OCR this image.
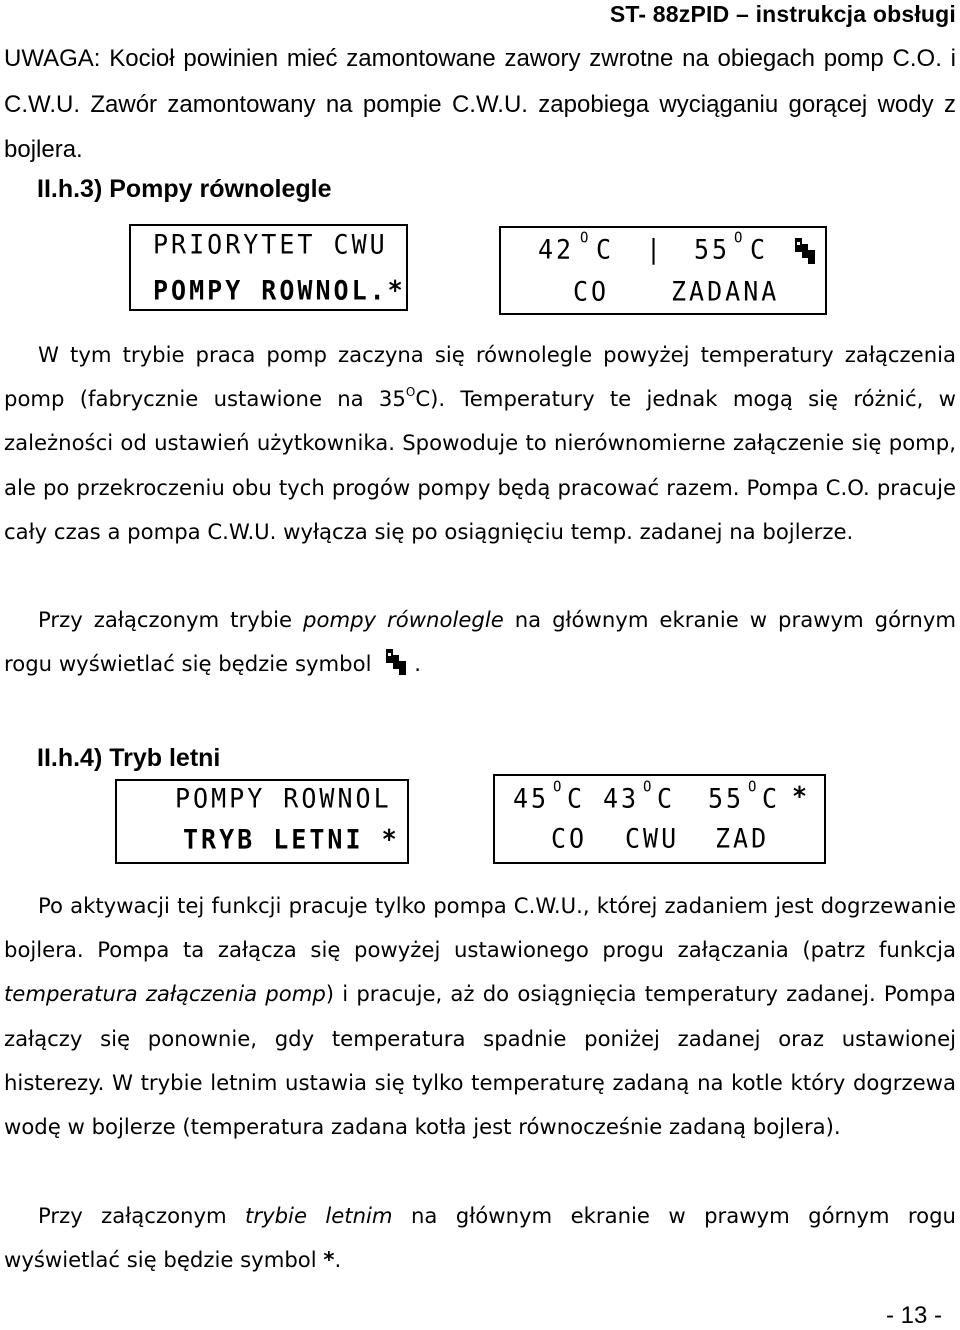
ST- 88zPID – instrukcja obsługi
UWAGA: Kocioł powinien mieć zamontowane zawory zwrotne na obiegach pomp C.O. i C.W.U. Zawór zamontowany na pompie C.W.U. zapobiega wyciąganiu gorącej wody z bojlera.
II.h.3) Pompy równolegle
PRIORYTET CWU
POMPY ROWNOL.*
42 O C | 55 O C
CO ZADANA
W tym trybie praca pomp zaczyna się równolegle powyżej temperatury załączenia pomp (fabrycznie ustawione na $35^OC$). Temperatury te jednak mogą się różnić, w zależności od ustawień użytkownika. Spowoduje to nierównomierne załączenie się pomp, ale po przekroczeniu obu tych progów pompy będą pracować razem. Pompa C.O. pracuje cały czas a pompa C.W.U. wyłącza się po osiągnięciu temp. zadanej na bojlerze.
Przy załączonym trybie pompy równolegle na głównym ekranie w prawym górnym rogu wyświetlać się będzie symbol .
II.h.4) Tryb letni
POMPY ROWNOL
TRYB LETNI *
45 O C 43 O C 55 O C *
CO CWU ZAD
Po aktywacji tej funkcji pracuje tylko pompa C.W.U., której zadaniem jest dogrzewanie bojlera. Pompa ta załącza się powyżej ustawionego progu załączania (patrz funkcja temperatura załączenia pomp) i pracuje, aż do osiągnięcia temperatury zadanej. Pompa załączy się ponownie, gdy temperatura spadnie poniżej zadanej oraz ustawionej histerezy. W trybie letnim ustawia się tylko temperaturę zadaną na kotle który dogrzewa wodę w bojlerze (temperatura zadana kotła jest równocześnie zadaną bojlera).
Przy załączonym trybie letnim na głównym ekranie w prawym górnym rogu wyświetlać się będzie symbol *.
- 13 -
